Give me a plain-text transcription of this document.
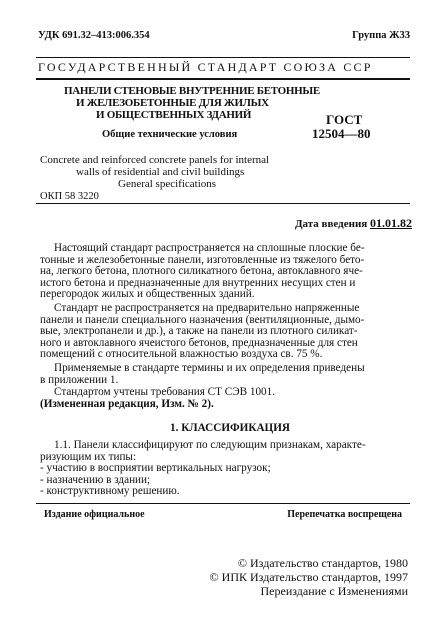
УДК 691.32–413:006.354	Группа Ж33
ГОСУДАРСТВЕННЫЙ СТАНДАРТ СОЮЗА ССР
ПАНЕЛИ СТЕНОВЫЕ ВНУТРЕННИЕ БЕТОННЫЕ
И ЖЕЛЕЗОБЕТОННЫЕ ДЛЯ ЖИЛЫХ
И ОБЩЕСТВЕННЫХ ЗДАНИЙ	ГОСТ
12504—80
Общие технические условия
Concrete and reinforced concrete panels for internal
walls of residential and civil buildings
General specifications
ОКП 58 3220
Дата введения 01.01.82
Настоящий стандарт распространяется на сплошные плоские бе-
тонные и железобетонные панели, изготовленные из тяжелого бето-
на, легкого бетона, плотного силикатного бетона, автоклавного яче-
истого бетона и предназначенные для внутренних несущих стен и
перегородок жилых и общественных зданий.
Стандарт не распространяется на предварительно напряженные
панели и панели специального назначения (вентиляционные, дымо-
вые, электропанели и др.), а также на панели из плотного силикат-
ного и автоклавного ячеистого бетонов, предназначенные для стен
помещений с относительной влажностью воздуха св. 75 %.
Применяемые в стандарте термины и их определения приведены
в приложении 1.
Стандартом учтены требования СТ СЭВ 1001.
(Измененная редакция, Изм. № 2).
1. КЛАССИФИКАЦИЯ
1.1. Панели классифицируют по следующим признакам, характе-
ризующим их типы:
- участию в восприятии вертикальных нагрузок;
- назначению в здании;
- конструктивному решению.
Издание официальное	Перепечатка воспрещена
© Издательство стандартов, 1980
© ИПК Издательство стандартов, 1997
Переиздание с Изменениями
